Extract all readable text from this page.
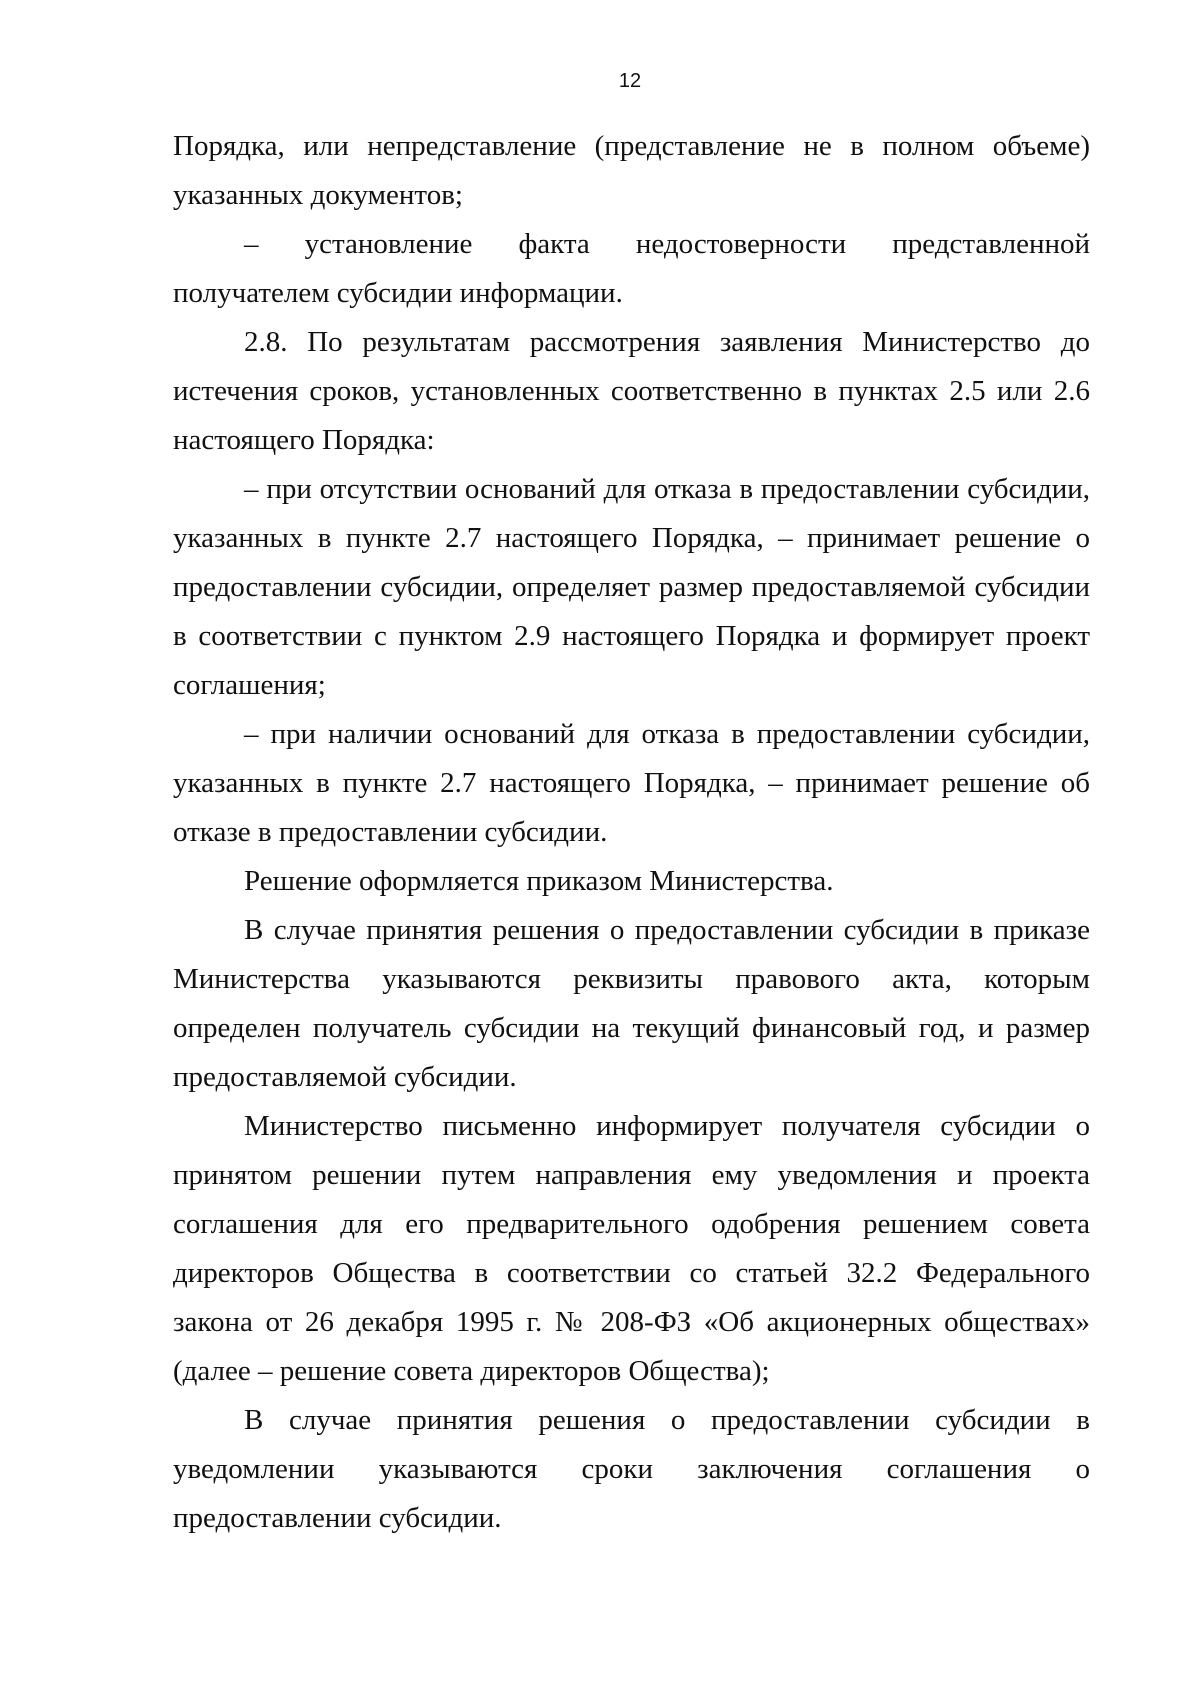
12

Порядка, или непредставление (представление не в полном объеме) указанных документов;

– установление факта недостоверности представленной получателем субсидии информации.

2.8. По результатам рассмотрения заявления Министерство до истечения сроков, установленных соответственно в пунктах 2.5 или 2.6 настоящего Порядка:

– при отсутствии оснований для отказа в предоставлении субсидии, указанных в пункте 2.7 настоящего Порядка, – принимает решение о предоставлении субсидии, определяет размер предоставляемой субсидии в соответствии с пунктом 2.9 настоящего Порядка и формирует проект соглашения;

– при наличии оснований для отказа в предоставлении субсидии, указанных в пункте 2.7 настоящего Порядка, – принимает решение об отказе в предоставлении субсидии.

Решение оформляется приказом Министерства.

В случае принятия решения о предоставлении субсидии в приказе Министерства указываются реквизиты правового акта, которым определен получатель субсидии на текущий финансовый год, и размер предоставляемой субсидии.

Министерство письменно информирует получателя субсидии о принятом решении путем направления ему уведомления и проекта соглашения для его предварительного одобрения решением совета директоров Общества в соответствии со статьей 32.2 Федерального закона от 26 декабря 1995 г. № 208-ФЗ «Об акционерных обществах» (далее – решение совета директоров Общества);

В случае принятия решения о предоставлении субсидии в уведомлении указываются сроки заключения соглашения о предоставлении субсидии.
